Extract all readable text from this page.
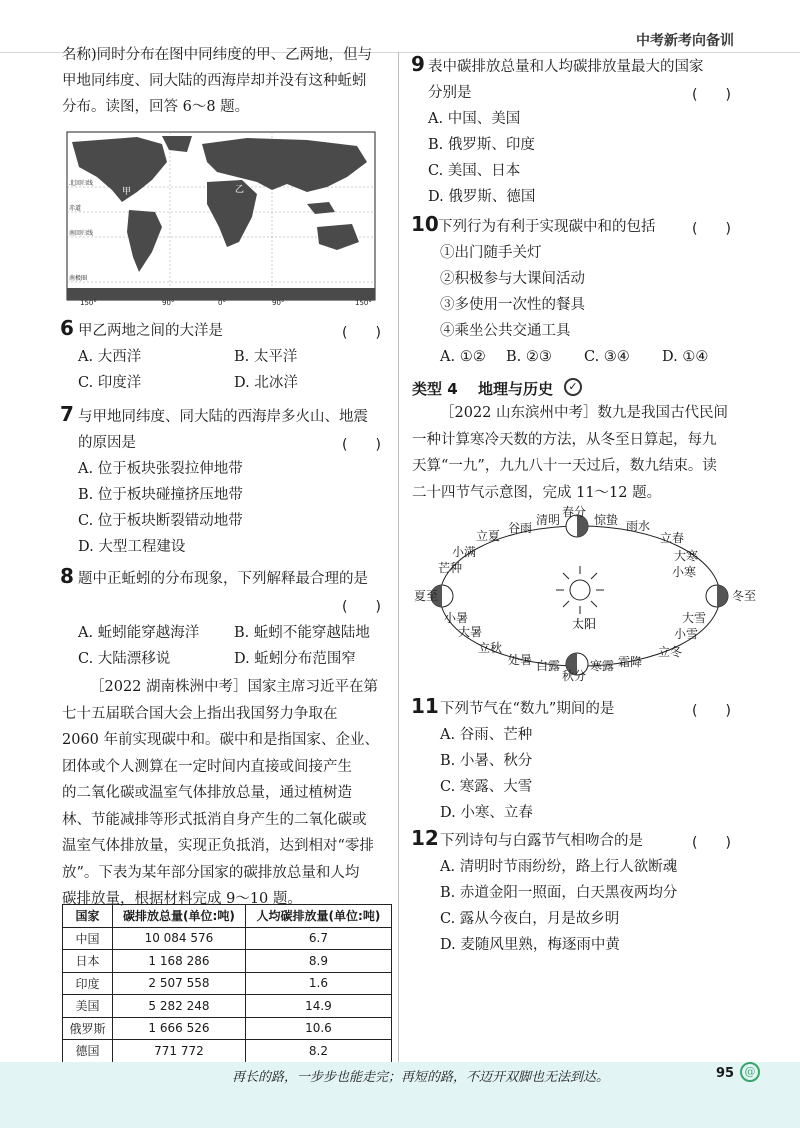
中考新考向备训
名称)同时分布在图中同纬度的甲、乙两地，但与
甲地同纬度、同大陆的西海岸却并没有这种蚯蚓
分布。读图，回答 6～8 题。
甲	乙
北回归线
赤道
南回归线
南极圈
150°	90°	0°	90°	150°
6 甲乙两地之间的大洋是	(　　)
A. 大西洋	B. 太平洋
C. 印度洋	D. 北冰洋
7 与甲地同纬度、同大陆的西海岸多火山、地震
的原因是	(　　)
A. 位于板块张裂拉伸地带
B. 位于板块碰撞挤压地带
C. 位于板块断裂错动地带
D. 大型工程建设
8 题中正蚯蚓的分布现象，下列解释最合理的是
(　　)
A. 蚯蚓能穿越海洋 B. 蚯蚓不能穿越陆地
C. 大陆漂移说	D. 蚯蚓分布范围窄
［2022 湖南株洲中考］国家主席习近平在第
七十五届联合国大会上指出我国努力争取在
2060 年前实现碳中和。碳中和是指国家、企业、
团体或个人测算在一定时间内直接或间接产生
的二氧化碳或温室气体排放总量，通过植树造
林、节能减排等形式抵消自身产生的二氧化碳或
温室气体排放量，实现正负抵消，达到相对“零排
放”。下表为某年部分国家的碳排放总量和人均
碳排放量，根据材料完成 9～10 题。
国家	碳排放总量(单位:吨)	人均碳排放量(单位:吨)
中国	10 084 576	6.7
日本	1 168 286	8.9
印度	2 507 558	1.6
美国	5 282 248	14.9
俄罗斯	1 666 526	10.6
德国	771 772	8.2
9 表中碳排放总量和人均碳排放量最大的国家
分别是	(　　)
A. 中国、美国
B. 俄罗斯、印度
C. 美国、日本
D. 俄罗斯、德国
10 下列行为有利于实现碳中和的包括	(　　)
①出门随手关灯
②积极参与大课间活动
③多使用一次性的餐具
④乘坐公共交通工具
A. ①② B. ②③ C. ③④ D. ①④
类型 4 地理与历史	✓
［2022 山东滨州中考］数九是我国古代民间
一种计算寒冷天数的方法，从冬至日算起，每九
天算“一九”，九九八十一天过后，数九结束。读
二十四节气示意图，完成 11～12 题。
太阳
春分
惊蛰 雨水
立春
大寒
小寒
冬至
大雪
小雪
立冬
霜降
寒露
秋分
白露
处暑
立秋
大暑
小暑
夏至
芒种
小满
立夏
谷雨
清明
11 下列节气在“数九”期间的是	(　　)
A. 谷雨、芒种
B. 小暑、秋分
C. 寒露、大雪
D. 小寒、立春
12 下列诗句与白露节气相吻合的是	(　　)
A. 清明时节雨纷纷，路上行人欲断魂
B. 赤道金阳一照面，白天黑夜两均分
C. 露从今夜白，月是故乡明
D. 麦随风里熟，梅逐雨中黄
再长的路，一步步也能走完；再短的路，不迈开双脚也无法到达。	95 @
